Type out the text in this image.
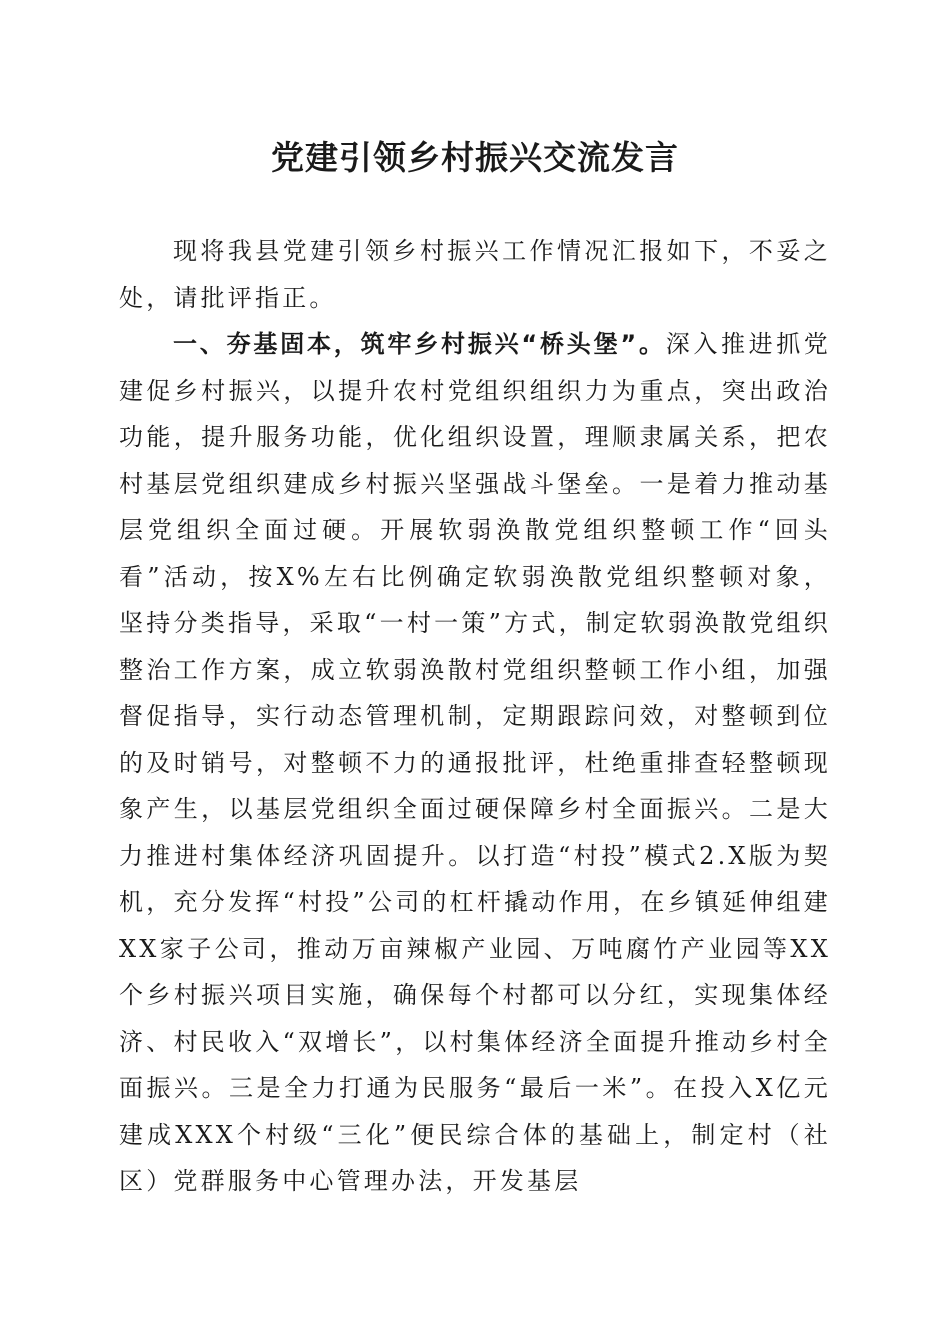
党建引领乡村振兴交流发言

现将我县党建引领乡村振兴工作情况汇报如下，不妥之处，请批评指正。

一、夯基固本，筑牢乡村振兴“桥头堡”。深入推进抓党建促乡村振兴，以提升农村党组织组织力为重点，突出政治功能，提升服务功能，优化组织设置，理顺隶属关系，把农村基层党组织建成乡村振兴坚强战斗堡垒。一是着力推动基层党组织全面过硬。开展软弱涣散党组织整顿工作“回头看”活动，按X%左右比例确定软弱涣散党组织整顿对象，坚持分类指导，采取“一村一策”方式，制定软弱涣散党组织整治工作方案，成立软弱涣散村党组织整顿工作小组，加强督促指导，实行动态管理机制，定期跟踪问效，对整顿到位的及时销号，对整顿不力的通报批评，杜绝重排查轻整顿现象产生，以基层党组织全面过硬保障乡村全面振兴。二是大力推进村集体经济巩固提升。以打造“村投”模式2.X版为契机，充分发挥“村投”公司的杠杆撬动作用，在乡镇延伸组建XX家子公司，推动万亩辣椒产业园、万吨腐竹产业园等XX个乡村振兴项目实施，确保每个村都可以分红，实现集体经济、村民收入“双增长”，以村集体经济全面提升推动乡村全面振兴。三是全力打通为民服务“最后一米”。在投入X亿元建成XXX个村级“三化”便民综合体的基础上，制定村（社区）党群服务中心管理办法，开发基层
